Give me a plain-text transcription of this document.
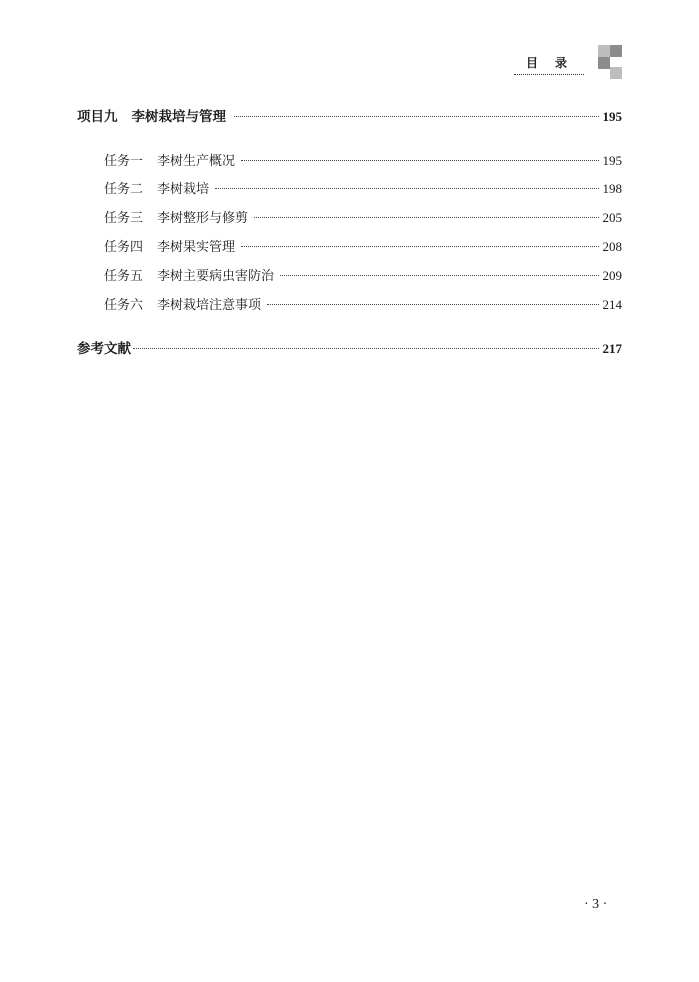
目录
项目九 李树栽培与管理	195
任务一 李树生产概况	195
任务二 李树栽培	198
任务三 李树整形与修剪	205
任务四 李树果实管理	208
任务五 李树主要病虫害防治	209
任务六 李树栽培注意事项	214
参考文献	217
· 3 ·
